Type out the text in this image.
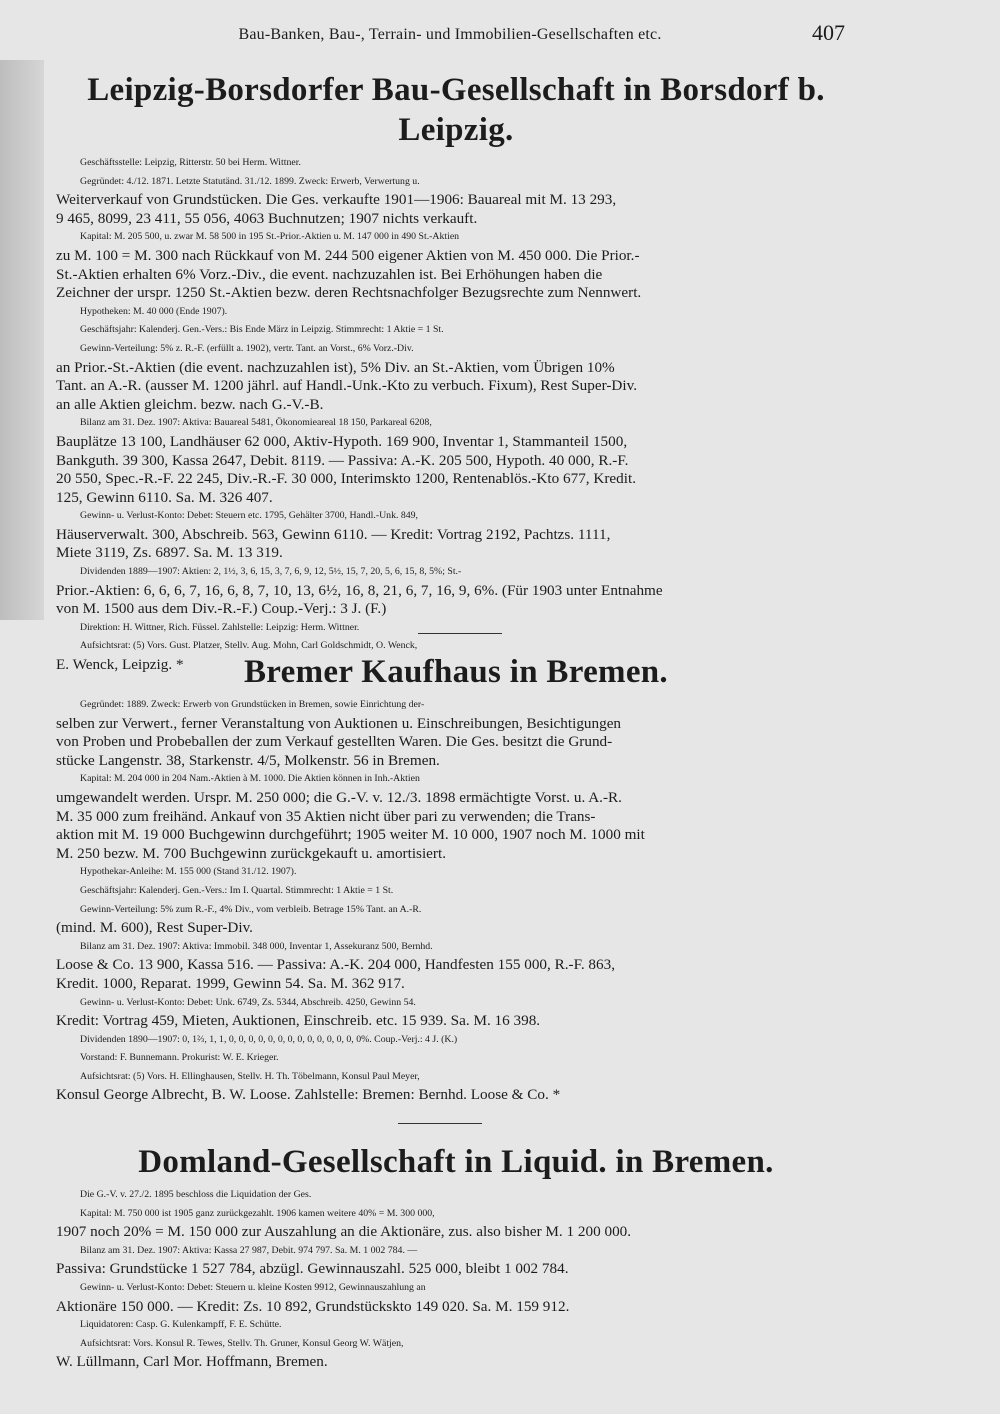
Bau-Banken, Bau-, Terrain- und Immobilien-Gesellschaften etc.	407
Leipzig-Borsdorfer Bau-Gesellschaft in Borsdorf b. Leipzig.

Geschäftsstelle: Leipzig, Ritterstr. 50 bei Herm. Wittner.

Gegründet: 4./12. 1871. Letzte Statutänd. 31./12. 1899. Zweck: Erwerb, Verwertung u.

Weiterverkauf von Grundstücken. Die Ges. verkaufte 1901—1906: Bauareal mit M. 13 293,

9 465, 8099, 23 411, 55 056, 4063 Buchnutzen; 1907 nichts verkauft.

Kapital: M. 205 500, u. zwar M. 58 500 in 195 St.-Prior.-Aktien u. M. 147 000 in 490 St.-Aktien

zu M. 100 = M. 300 nach Rückkauf von M. 244 500 eigener Aktien von M. 450 000. Die Prior.-

St.-Aktien erhalten 6% Vorz.-Div., die event. nachzuzahlen ist. Bei Erhöhungen haben die

Zeichner der urspr. 1250 St.-Aktien bezw. deren Rechtsnachfolger Bezugsrechte zum Nennwert.

Hypotheken: M. 40 000 (Ende 1907).

Geschäftsjahr: Kalenderj. Gen.-Vers.: Bis Ende März in Leipzig. Stimmrecht: 1 Aktie = 1 St.

Gewinn-Verteilung: 5% z. R.-F. (erfüllt a. 1902), vertr. Tant. an Vorst., 6% Vorz.-Div.

an Prior.-St.-Aktien (die event. nachzuzahlen ist), 5% Div. an St.-Aktien, vom Übrigen 10%

Tant. an A.-R. (ausser M. 1200 jährl. auf Handl.-Unk.-Kto zu verbuch. Fixum), Rest Super-Div.

an alle Aktien gleichm. bezw. nach G.-V.-B.

Bilanz am 31. Dez. 1907: Aktiva: Bauareal 5481, Ökonomieareal 18 150, Parkareal 6208,

Bauplätze 13 100, Landhäuser 62 000, Aktiv-Hypoth. 169 900, Inventar 1, Stammanteil 1500,

Bankguth. 39 300, Kassa 2647, Debit. 8119. — Passiva: A.-K. 205 500, Hypoth. 40 000, R.-F.

20 550, Spec.-R.-F. 22 245, Div.-R.-F. 30 000, Interimskto 1200, Rentenablös.-Kto 677, Kredit.

125, Gewinn 6110. Sa. M. 326 407.

Gewinn- u. Verlust-Konto: Debet: Steuern etc. 1795, Gehälter 3700, Handl.-Unk. 849,

Häuserverwalt. 300, Abschreib. 563, Gewinn 6110. — Kredit: Vortrag 2192, Pachtzs. 1111,

Miete 3119, Zs. 6897. Sa. M. 13 319.

Dividenden 1889—1907: Aktien: 2, 1½, 3, 6, 15, 3, 7, 6, 9, 12, 5½, 15, 7, 20, 5, 6, 15, 8, 5%; St.-

Prior.-Aktien: 6, 6, 6, 7, 16, 6, 8, 7, 10, 13, 6½, 16, 8, 21, 6, 7, 16, 9, 6%. (Für 1903 unter Entnahme

von M. 1500 aus dem Div.-R.-F.) Coup.-Verj.: 3 J. (F.)

Direktion: H. Wittner, Rich. Füssel. Zahlstelle: Leipzig: Herm. Wittner.

Aufsichtsrat: (5) Vors. Gust. Platzer, Stellv. Aug. Mohn, Carl Goldschmidt, O. Wenck,

E. Wenck, Leipzig. *	Bremer Kaufhaus in Bremen.

Gegründet: 1889. Zweck: Erwerb von Grundstücken in Bremen, sowie Einrichtung der-

selben zur Verwert., ferner Veranstaltung von Auktionen u. Einschreibungen, Besichtigungen

von Proben und Probeballen der zum Verkauf gestellten Waren. Die Ges. besitzt die Grund-

stücke Langenstr. 38, Starkenstr. 4/5, Molkenstr. 56 in Bremen.

Kapital: M. 204 000 in 204 Nam.-Aktien à M. 1000. Die Aktien können in Inh.-Aktien

umgewandelt werden. Urspr. M. 250 000; die G.-V. v. 12./3. 1898 ermächtigte Vorst. u. A.-R.

M. 35 000 zum freihänd. Ankauf von 35 Aktien nicht über pari zu verwenden; die Trans-

aktion mit M. 19 000 Buchgewinn durchgeführt; 1905 weiter M. 10 000, 1907 noch M. 1000 mit

M. 250 bezw. M. 700 Buchgewinn zurückgekauft u. amortisiert.

Hypothekar-Anleihe: M. 155 000 (Stand 31./12. 1907).

Geschäftsjahr: Kalenderj. Gen.-Vers.: Im I. Quartal. Stimmrecht: 1 Aktie = 1 St.

Gewinn-Verteilung: 5% zum R.-F., 4% Div., vom verbleib. Betrage 15% Tant. an A.-R.

(mind. M. 600), Rest Super-Div.

Bilanz am 31. Dez. 1907: Aktiva: Immobil. 348 000, Inventar 1, Assekuranz 500, Bernhd.

Loose & Co. 13 900, Kassa 516. — Passiva: A.-K. 204 000, Handfesten 155 000, R.-F. 863,

Kredit. 1000, Reparat. 1999, Gewinn 54. Sa. M. 362 917.

Gewinn- u. Verlust-Konto: Debet: Unk. 6749, Zs. 5344, Abschreib. 4250, Gewinn 54.

Kredit: Vortrag 459, Mieten, Auktionen, Einschreib. etc. 15 939. Sa. M. 16 398.

Dividenden 1890—1907: 0, 1⅔, 1, 1, 0, 0, 0, 0, 0, 0, 0, 0, 0, 0, 0, 0, 0, 0%. Coup.-Verj.: 4 J. (K.)

Vorstand: F. Bunnemann. Prokurist: W. E. Krieger.

Aufsichtsrat: (5) Vors. H. Ellinghausen, Stellv. H. Th. Töbelmann, Konsul Paul Meyer,

Konsul George Albrecht, B. W. Loose. Zahlstelle: Bremen: Bernhd. Loose & Co. *

Domland-Gesellschaft in Liquid. in Bremen.

Die G.-V. v. 27./2. 1895 beschloss die Liquidation der Ges.

Kapital: M. 750 000 ist 1905 ganz zurückgezahlt. 1906 kamen weitere 40% = M. 300 000,

1907 noch 20% = M. 150 000 zur Auszahlung an die Aktionäre, zus. also bisher M. 1 200 000.

Bilanz am 31. Dez. 1907: Aktiva: Kassa 27 987, Debit. 974 797. Sa. M. 1 002 784. —

Passiva: Grundstücke 1 527 784, abzügl. Gewinnauszahl. 525 000, bleibt 1 002 784.

Gewinn- u. Verlust-Konto: Debet: Steuern u. kleine Kosten 9912, Gewinnauszahlung an

Aktionäre 150 000. — Kredit: Zs. 10 892, Grundstückskto 149 020. Sa. M. 159 912.

Liquidatoren: Casp. G. Kulenkampff, F. E. Schütte.

Aufsichtsrat: Vors. Konsul R. Tewes, Stellv. Th. Gruner, Konsul Georg W. Wätjen,

W. Lüllmann, Carl Mor. Hoffmann, Bremen.
